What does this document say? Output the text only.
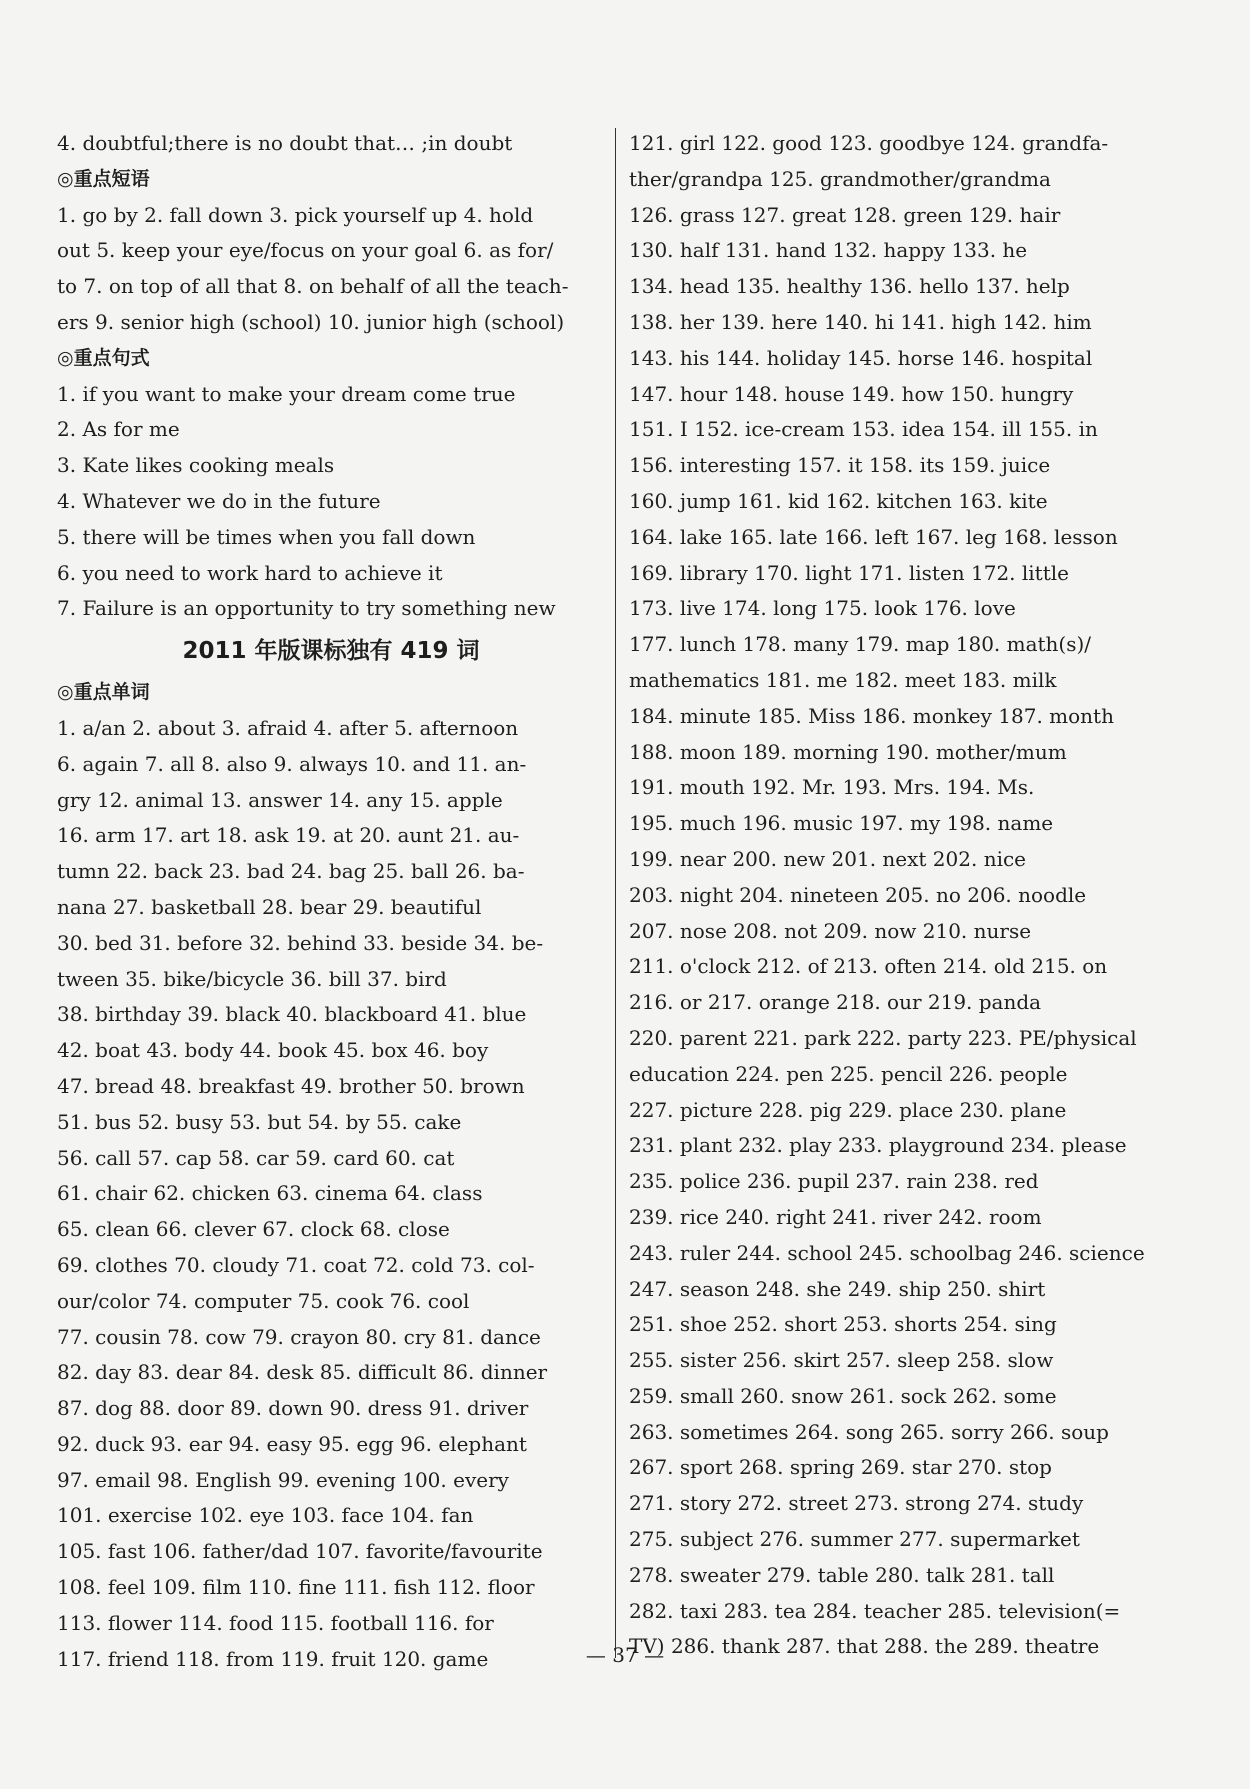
4. doubtful;there is no doubt that… ;in doubt
◎重点短语
1. go by 2. fall down 3. pick yourself up 4. hold
out 5. keep your eye/focus on your goal 6. as for/
to 7. on top of all that 8. on behalf of all the teach-
ers 9. senior high (school) 10. junior high (school)
◎重点句式
1. if you want to make your dream come true
2. As for me
3. Kate likes cooking meals
4. Whatever we do in the future
5. there will be times when you fall down
6. you need to work hard to achieve it
7. Failure is an opportunity to try something new
2011 年版课标独有 419 词
◎重点单词
1. a/an 2. about 3. afraid 4. after 5. afternoon
6. again 7. all 8. also 9. always 10. and 11. an-
gry 12. animal 13. answer 14. any 15. apple
16. arm 17. art 18. ask 19. at 20. aunt 21. au-
tumn 22. back 23. bad 24. bag 25. ball 26. ba-
nana 27. basketball 28. bear 29. beautiful
30. bed 31. before 32. behind 33. beside 34. be-
tween 35. bike/bicycle 36. bill 37. bird
38. birthday 39. black 40. blackboard 41. blue
42. boat 43. body 44. book 45. box 46. boy
47. bread 48. breakfast 49. brother 50. brown
51. bus 52. busy 53. but 54. by 55. cake
56. call 57. cap 58. car 59. card 60. cat
61. chair 62. chicken 63. cinema 64. class
65. clean 66. clever 67. clock 68. close
69. clothes 70. cloudy 71. coat 72. cold 73. col-
our/color 74. computer 75. cook 76. cool
77. cousin 78. cow 79. crayon 80. cry 81. dance
82. day 83. dear 84. desk 85. difficult 86. dinner
87. dog 88. door 89. down 90. dress 91. driver
92. duck 93. ear 94. easy 95. egg 96. elephant
97. email 98. English 99. evening 100. every
101. exercise 102. eye 103. face 104. fan
105. fast 106. father/dad 107. favorite/favourite
108. feel 109. film 110. fine 111. fish 112. floor
113. flower 114. food 115. football 116. for
117. friend 118. from 119. fruit 120. game
121. girl 122. good 123. goodbye 124. grandfa-
ther/grandpa 125. grandmother/grandma
126. grass 127. great 128. green 129. hair
130. half 131. hand 132. happy 133. he
134. head 135. healthy 136. hello 137. help
138. her 139. here 140. hi 141. high 142. him
143. his 144. holiday 145. horse 146. hospital
147. hour 148. house 149. how 150. hungry
151. I 152. ice-cream 153. idea 154. ill 155. in
156. interesting 157. it 158. its 159. juice
160. jump 161. kid 162. kitchen 163. kite
164. lake 165. late 166. left 167. leg 168. lesson
169. library 170. light 171. listen 172. little
173. live 174. long 175. look 176. love
177. lunch 178. many 179. map 180. math(s)/
mathematics 181. me 182. meet 183. milk
184. minute 185. Miss 186. monkey 187. month
188. moon 189. morning 190. mother/mum
191. mouth 192. Mr. 193. Mrs. 194. Ms.
195. much 196. music 197. my 198. name
199. near 200. new 201. next 202. nice
203. night 204. nineteen 205. no 206. noodle
207. nose 208. not 209. now 210. nurse
211. o'clock 212. of 213. often 214. old 215. on
216. or 217. orange 218. our 219. panda
220. parent 221. park 222. party 223. PE/physical
education 224. pen 225. pencil 226. people
227. picture 228. pig 229. place 230. plane
231. plant 232. play 233. playground 234. please
235. police 236. pupil 237. rain 238. red
239. rice 240. right 241. river 242. room
243. ruler 244. school 245. schoolbag 246. science
247. season 248. she 249. ship 250. shirt
251. shoe 252. short 253. shorts 254. sing
255. sister 256. skirt 257. sleep 258. slow
259. small 260. snow 261. sock 262. some
263. sometimes 264. song 265. sorry 266. soup
267. sport 268. spring 269. star 270. stop
271. story 272. street 273. strong 274. study
275. subject 276. summer 277. supermarket
278. sweater 279. table 280. talk 281. tall
282. taxi 283. tea 284. teacher 285. television(=
TV) 286. thank 287. that 288. the 289. theatre
— 37 —
